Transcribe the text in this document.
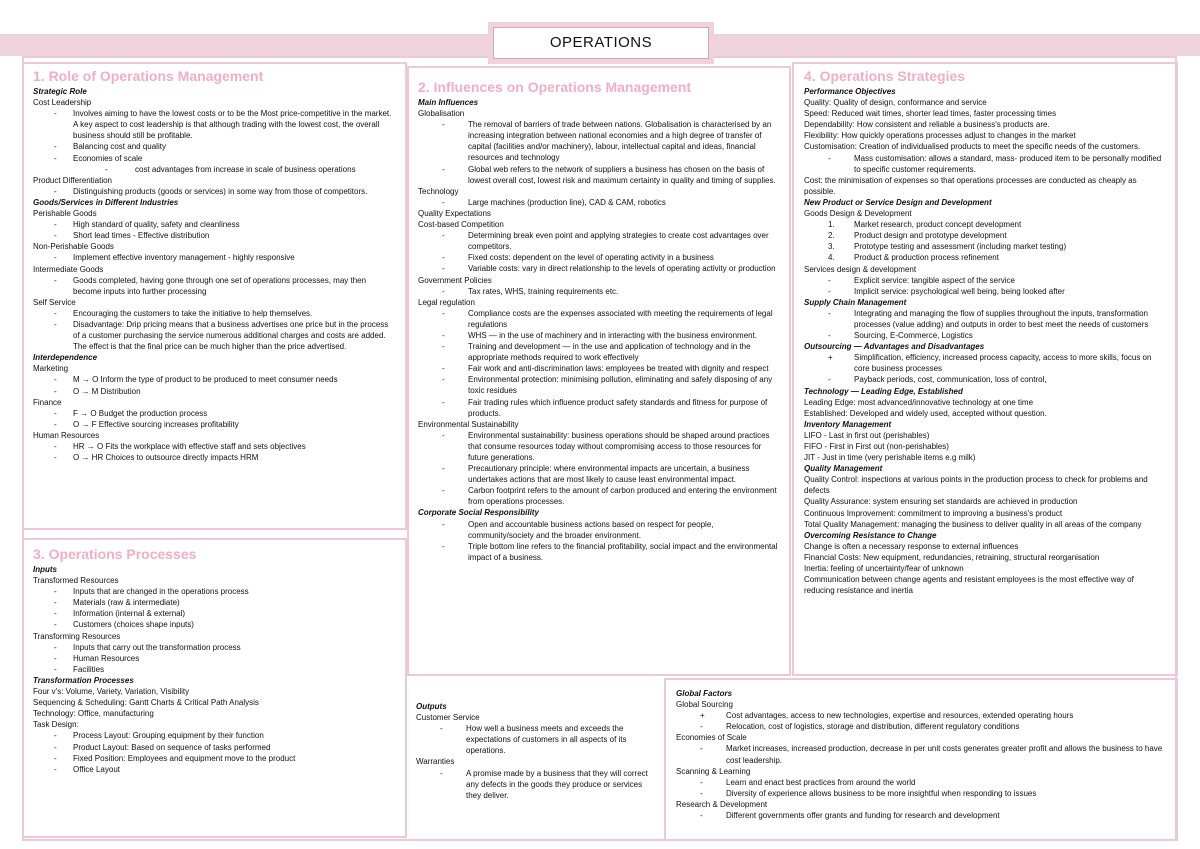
OPERATIONS
1. Role of Operations Management
Strategic Role
Cost Leadership
- Involves aiming to have the lowest costs or to be the Most price-competitive in the market. A key aspect to cost leadership is that although trading with the lowest cost, the overall business should still be profitable.
- Balancing cost and quality
- Economies of scale
-	cost advantages from increase in scale of business operations
Product Differentiation
- Distinguishing products (goods or services) in some way from those of competitors.
Goods/Services in Different Industries
Perishable Goods
- High standard of quality, safety and cleanliness
- Short lead times - Effective distribution
Non-Perishable Goods
- Implement effective inventory management - highly responsive
Intermediate Goods
- Goods completed, having gone through one set of operations processes, may then become inputs into further processing
Self Service
- Encouraging the customers to take the initiative to help themselves.
- Disadvantage: Drip pricing means that a business advertises one price but in the process of a customer purchasing the service numerous additional charges and costs are added. The effect is that the final price can be much higher than the price advertised.
Interdependence
Marketing
- M → O Inform the type of product to be produced to meet consumer needs
- O → M Distribution
Finance
- F → O Budget the production process
- O → F Effective sourcing increases profitability
Human Resources
- HR → O Fits the workplace with effective staff and sets objectives
- O → HR Choices to outsource directly impacts HRM
3. Operations Processes
Inputs
Transformed Resources
- Inputs that are changed in the operations process
- Materials (raw & intermediate)
- Information (internal & external)
- Customers (choices shape inputs)
Transforming Resources
- Inputs that carry out the transformation process
- Human Resources
- Facilities
Transformation Processes
Four v's: Volume, Variety, Variation, Visibility
Sequencing & Scheduling: Gantt Charts & Critical Path Analysis
Technology: Office, manufacturing
Task Design:
- Process Layout: Grouping equipment by their function
- Product Layout: Based on sequence of tasks performed
- Fixed Position: Employees and equipment move to the product
- Office Layout
2. Influences on Operations Management
Main Influences
Globalisation
-	The removal of barriers of trade between nations. Globalisation is characterised by an increasing integration between national economies and a high degree of transfer of capital (facilities and/or machinery), labour, intellectual capital and ideas, financial resources and technology
-	Global web refers to the network of suppliers a business has chosen on the basis of lowest overall cost, lowest risk and maximum certainty in quality and timing of supplies.
Technology
-	Large machines (production line), CAD & CAM, robotics
Quality Expectations
Cost-based Competition
-	Determining break even point and applying strategies to create cost advantages over competitors.
-	Fixed costs: dependent on the level of operating activity in a business
-	Variable costs: vary in direct relationship to the levels of operating activity or production
Government Policies
-	Tax rates, WHS, training requirements etc.
Legal regulation
-	Compliance costs are the expenses associated with meeting the requirements of legal regulations
-	WHS — in the use of machinery and in interacting with the business environment.
-	Training and development — in the use and application of technology and in the appropriate methods required to work effectively
-	Fair work and anti-discrimination laws: employees be treated with dignity and respect
-	Environmental protection: minimising pollution, eliminating and safely disposing of any toxic residues
-	Fair trading rules which influence product safety standards and fitness for purpose of products.
Environmental Sustainability
-	Environmental sustainability: business operations should be shaped around practices that consume resources today without compromising access to those resources for future generations.
-	Precautionary principle: where environmental impacts are uncertain, a business undertakes actions that are most likely to cause least environmental impact.
-	Carbon footprint refers to the amount of carbon produced and entering the environment from operations processes.
Corporate Social Responsibility
-	Open and accountable business actions based on respect for people, community/society and the broader environment.
-	Triple bottom line refers to the financial profitability, social impact and the environmental impact of a business.
Outputs
Customer Service
-	How well a business meets and exceeds the expectations of customers in all aspects of its operations.
Warranties
-	A promise made by a business that they will correct any defects in the goods they produce or services they deliver.
4. Operations Strategies
Performance Objectives
Quality: Quality of design, conformance and service
Speed: Reduced wait times, shorter lead times, faster processing times
Dependability: How consistent and reliable a business's products are.
Flexibility: How quickly operations processes adjust to changes in the market
Customisation: Creation of individualised products to meet the specific needs of the customers.
-	Mass customisation: allows a standard, mass- produced item to be personally modified to specific customer requirements.
Cost: the minimisation of expenses so that operations processes are conducted as cheaply as possible.
New Product or Service Design and Development
Goods Design & Development
1. Market research, product concept development
2. Product design and prototype development
3. Prototype testing and assessment (including market testing)
4. Product & production process refinement
Services design & development
-	Explicit service: tangible aspect of the service
-	Implicit service: psychological well being, being looked after
Supply Chain Management
-	Integrating and managing the flow of supplies throughout the inputs, transformation processes (value adding) and outputs in order to best meet the needs of customers
-	Sourcing, E-Commerce, Logistics
Outsourcing — Advantages and Disadvantages
+	Simplification, efficiency, increased process capacity, access to more skills, focus on core business processes
-	Payback periods, cost, communication, loss of control,
Technology — Leading Edge, Established
Leading Edge: most advanced/innovative technology at one time
Established: Developed and widely used, accepted without question.
Inventory Management
LIFO - Last in first out (perishables)
FIFO - First in First out (non-perishables)
JIT - Just in time (very perishable items e.g milk)
Quality Management
Quality Control: inspections at various points in the production process to check for problems and defects
Quality Assurance: system ensuring set standards are achieved in production
Continuous Improvement: commitment to improving a business's product
Total Quality Management: managing the business to deliver quality in all areas of the company
Overcoming Resistance to Change
Change is often a necessary response to external influences
Financial Costs: New equipment, redundancies, retraining, structural reorganisation
Inertia: feeling of uncertainty/fear of unknown
Communication between change agents and resistant employees is the most effective way of reducing resistance and inertia
Global Factors
Global Sourcing
+	Cost advantages, access to new technologies, expertise and resources, extended operating hours
-	Relocation, cost of logistics, storage and distribution, different regulatory conditions
Economies of Scale
-	Market increases, increased production, decrease in per unit costs generates greater profit and allows the business to have cost leadership.
Scanning & Learning
-	Learn and enact best practices from around the world
-	Diversity of experience allows business to be more insightful when responding to issues
Research & Development
-	Different governments offer grants and funding for research and development
